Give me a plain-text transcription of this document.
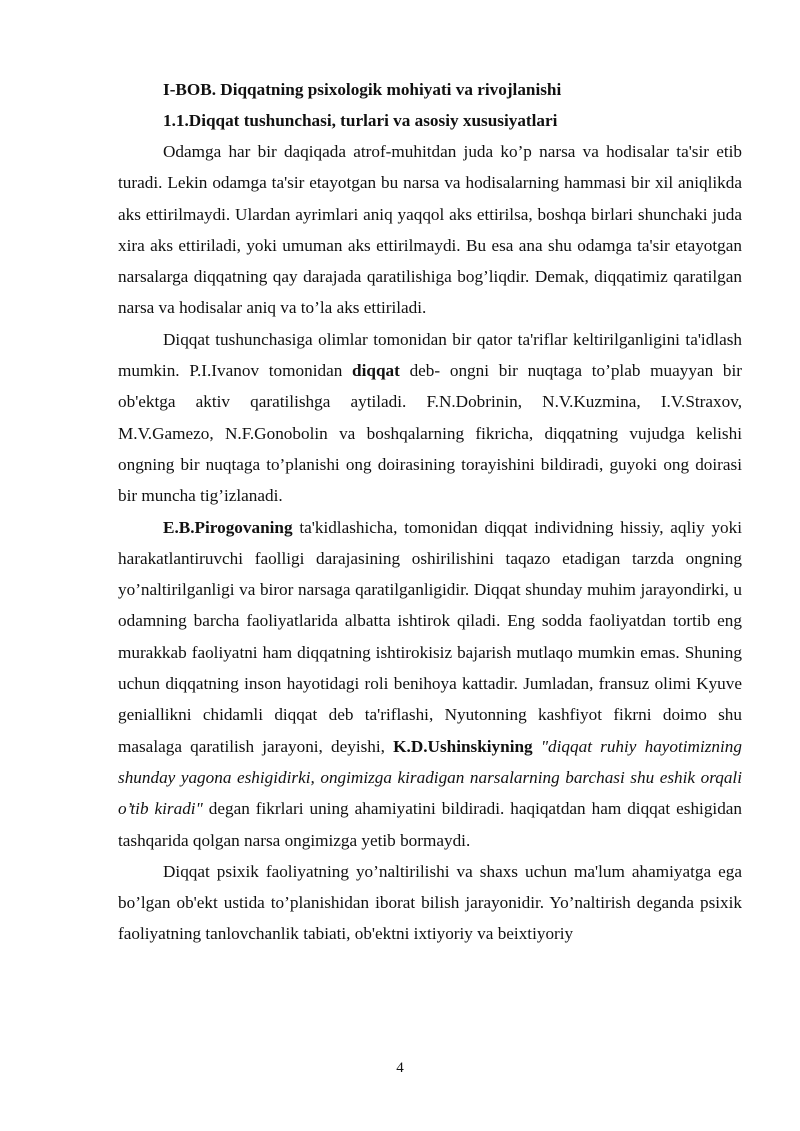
I-BOB. Diqqatning psixologik mohiyati va rivojlanishi

1.1.Diqqat tushunchasi, turlari va asosiy xususiyatlari

Odamga har bir daqiqada atrof-muhitdan juda ko’p narsa va hodisalar ta'sir etib turadi. Lekin odamga ta'sir etayotgan bu narsa va hodisalarning hammasi bir xil aniqlikda aks ettirilmaydi. Ulardan ayrimlari aniq yaqqol aks ettirilsa, boshqa birlari shunchaki juda xira aks ettiriladi, yoki umuman aks ettirilmaydi. Bu esa ana shu odamga ta'sir etayotgan narsalarga diqqatning qay darajada qaratilishiga bog’liqdir. Demak, diqqatimiz qaratilgan narsa va hodisalar aniq va to’la aks ettiriladi.

Diqqat tushunchasiga olimlar tomonidan bir qator ta'riflar keltirilganligini ta'idlash mumkin. P.I.Ivanov tomonidan diqqat deb- ongni bir nuqtaga to’plab muayyan bir ob'ektga aktiv qaratilishga aytiladi. F.N.Dobrinin, N.V.Kuzmina, I.V.Straxov, M.V.Gamezo, N.F.Gonobolin va boshqalarning fikricha, diqqatning vujudga kelishi ongning bir nuqtaga to’planishi ong doirasining torayishini bildiradi, guyoki ong doirasi bir muncha tig’izlanadi.

E.B.Pirogovaning ta'kidlashicha, tomonidan diqqat individning hissiy, aqliy yoki harakatlantiruvchi faolligi darajasining oshirilishini taqazo etadigan tarzda ongning yo’naltirilganligi va biror narsaga qaratilganligidir. Diqqat shunday muhim jarayondirki, u odamning barcha faoliyatlarida albatta ishtirok qiladi. Eng sodda faoliyatdan tortib eng murakkab faoliyatni ham diqqatning ishtirokisiz bajarish mutlaqo mumkin emas. Shuning uchun diqqatning inson hayotidagi roli benihoya kattadir. Jumladan, fransuz olimi Kyuve geniallikni chidamli diqqat deb ta'riflashi, Nyutonning kashfiyot fikrni doimo shu masalaga qaratilish jarayoni, deyishi, K.D.Ushinskiyning "diqqat ruhiy hayotimizning shunday yagona eshigidirki, ongimizga kiradigan narsalarning barchasi shu eshik orqali o’tib kiradi" degan fikrlari uning ahamiyatini bildiradi. haqiqatdan ham diqqat eshigidan tashqarida qolgan narsa ongimizga yetib bormaydi.

Diqqat psixik faoliyatning yo’naltirilishi va shaxs uchun ma'lum ahamiyatga ega bo’lgan ob'ekt ustida to’planishidan iborat bilish jarayonidir. Yo’naltirish deganda psixik faoliyatning tanlovchanlik tabiati, ob'ektni ixtiyoriy va beixtiyoriy

4
